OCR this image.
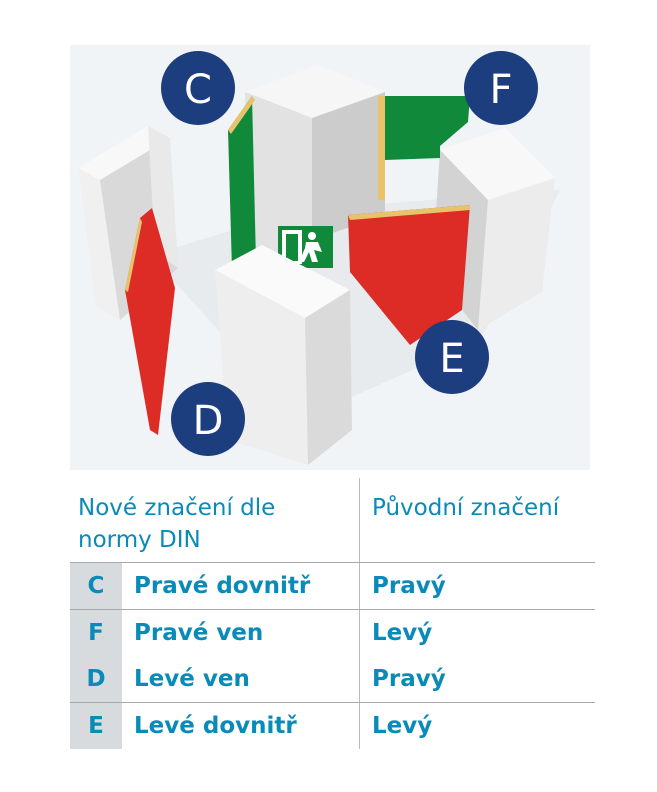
C	F
E
D
Nové značení dle normy DIN
Původní značení
C	Pravé dovnitř	Pravý
F	Pravé ven	Levý
D	Levé ven	Pravý
E	Levé dovnitř	Levý
